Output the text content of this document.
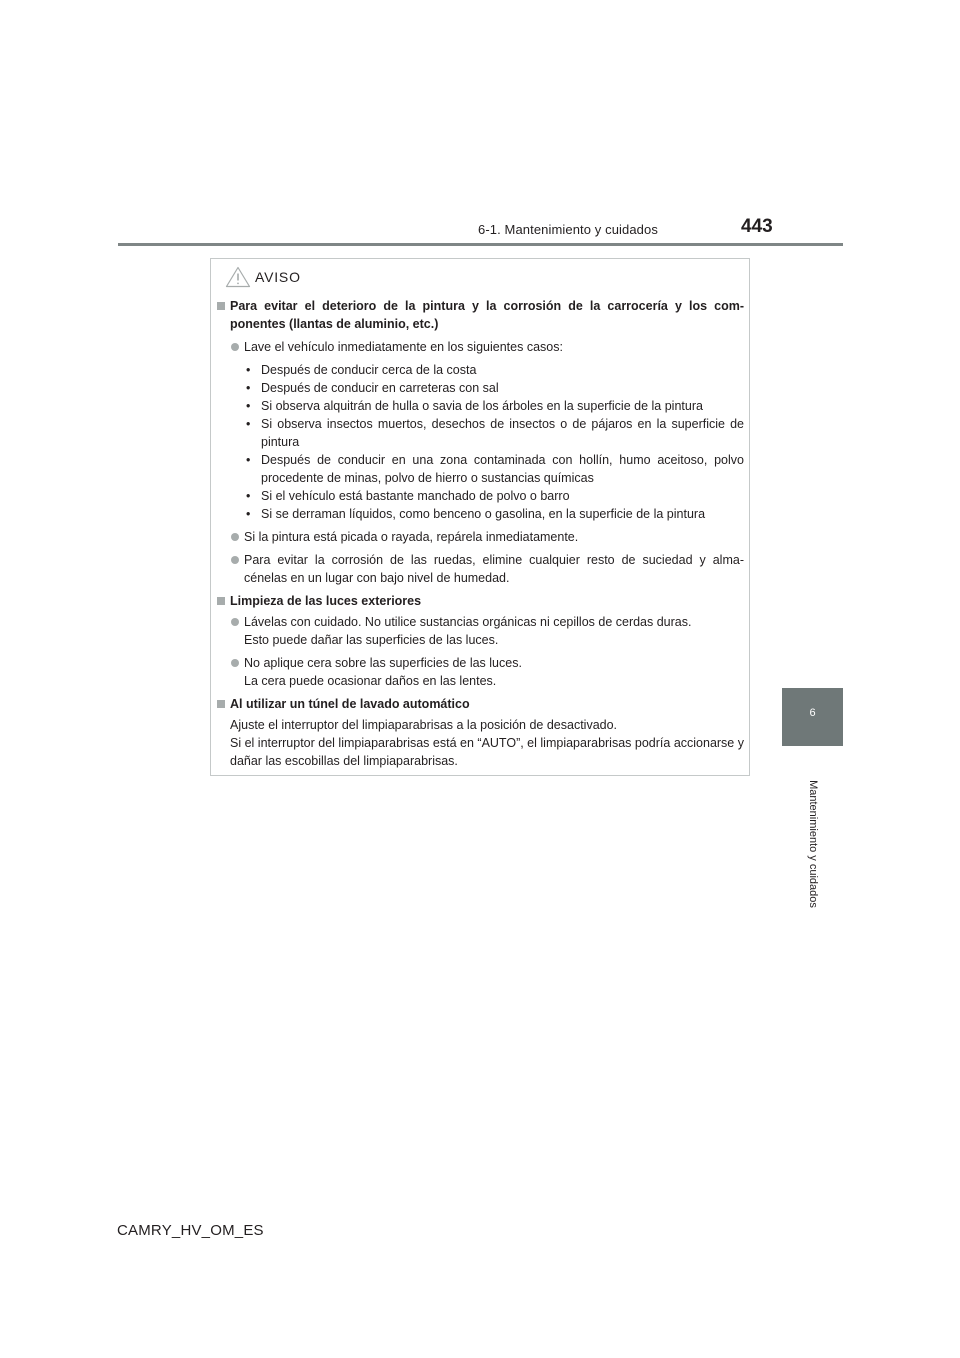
6-1. Mantenimiento y cuidados	443
6
Mantenimiento y cuidados
AVISO
Para evitar el deterioro de la pintura y la corrosión de la carrocería y los com- ponentes (llantas de aluminio, etc.)
Lave el vehículo inmediatamente en los siguientes casos:
• Después de conducir cerca de la costa
• Después de conducir en carreteras con sal
• Si observa alquitrán de hulla o savia de los árboles en la superficie de la pintura
• Si observa insectos muertos, desechos de insectos o de pájaros en la superficie de pintura
• Después de conducir en una zona contaminada con hollín, humo aceitoso, polvo procedente de minas, polvo de hierro o sustancias químicas
• Si el vehículo está bastante manchado de polvo o barro
• Si se derraman líquidos, como benceno o gasolina, en la superficie de la pintura
Si la pintura está picada o rayada, repárela inmediatamente.
Para evitar la corrosión de las ruedas, elimine cualquier resto de suciedad y alma- cénelas en un lugar con bajo nivel de humedad.
Limpieza de las luces exteriores
Lávelas con cuidado. No utilice sustancias orgánicas ni cepillos de cerdas duras.
Esto puede dañar las superficies de las luces.
No aplique cera sobre las superficies de las luces.
La cera puede ocasionar daños en las lentes.
Al utilizar un túnel de lavado automático
Ajuste el interruptor del limpiaparabrisas a la posición de desactivado.
Si el interruptor del limpiaparabrisas está en “AUTO”, el limpiaparabrisas podría accionarse y dañar las escobillas del limpiaparabrisas.
CAMRY_HV_OM_ES
